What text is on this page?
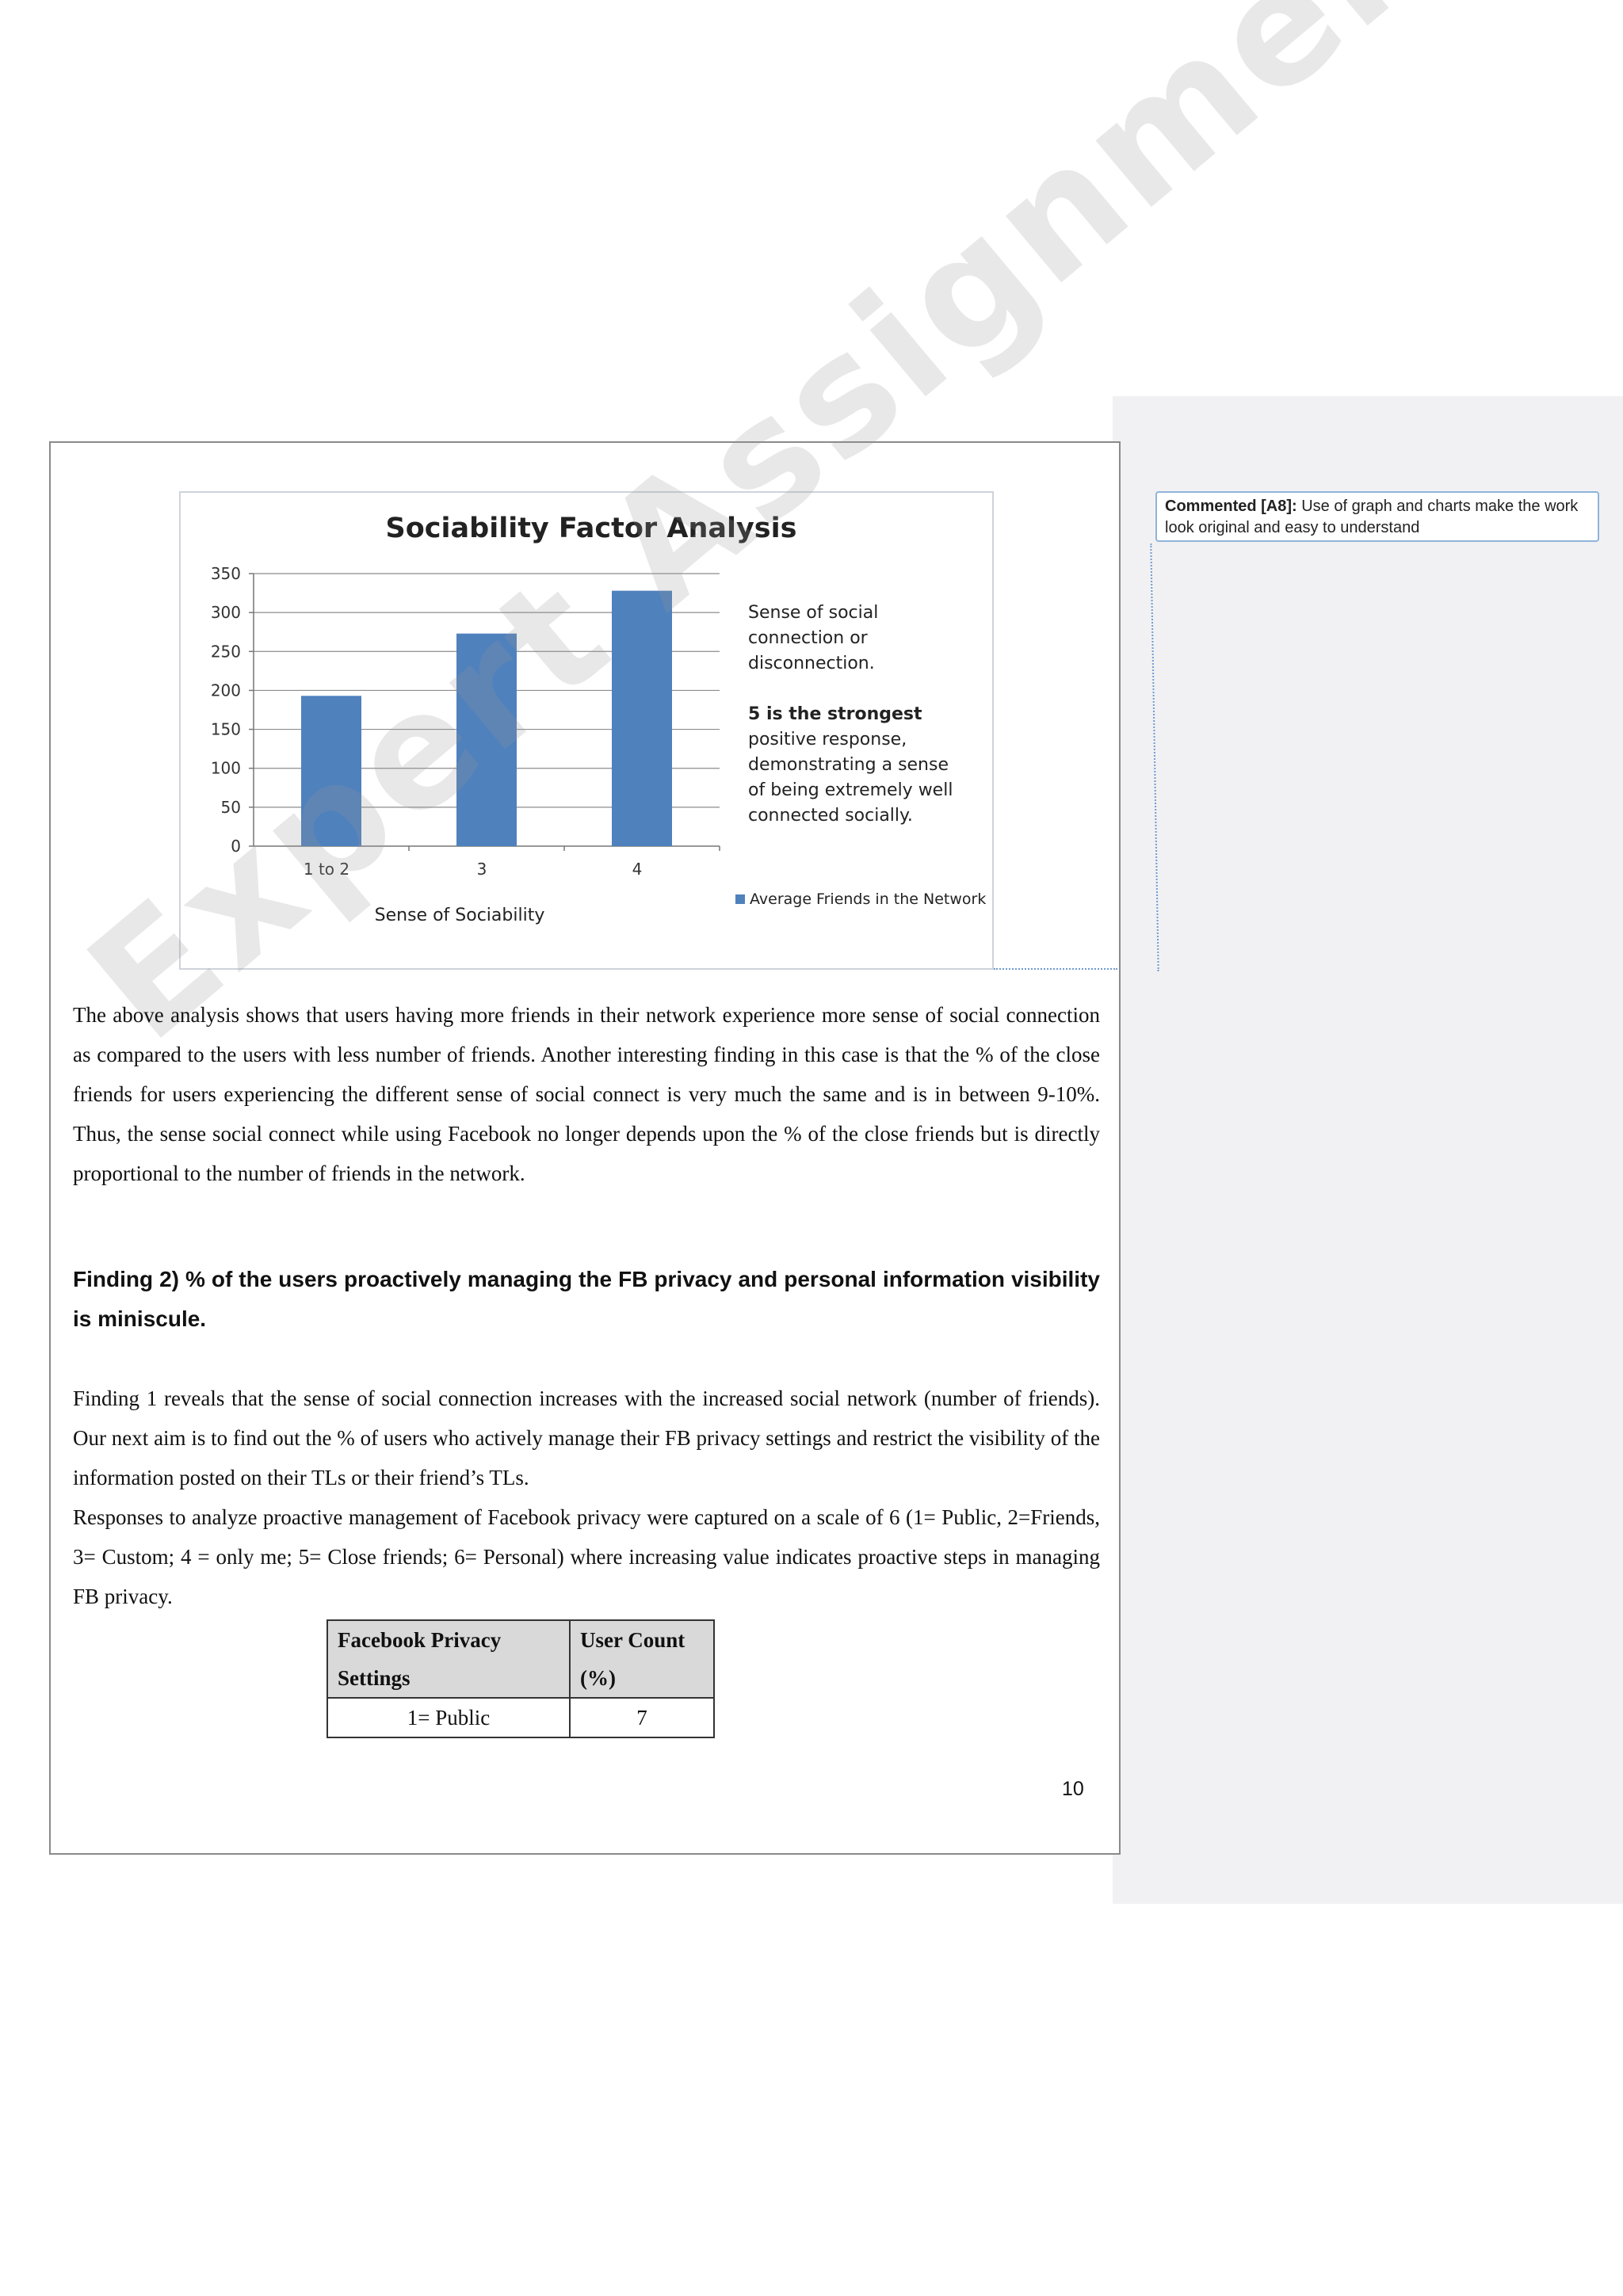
Sociability Factor Analysis
Sense of Sociability
0
50
100
150
200
250
300
350
1 to 2	3	4
Sense of social
connection or
disconnection.
5 is the strongest
positive response,
demonstrating a sense
of being extremely well
connected socially.
Average Friends in the Network
Expert Assignment

The above analysis shows that users having more friends in their network experience more sense of social connection as compared to the users with less number of friends. Another interesting finding in this case is that the % of the close friends for users experiencing the different sense of social connect is very much the same and is in between 9-10%. Thus, the sense social connect while using Facebook no longer depends upon the % of the close friends but is directly proportional to the number of friends in the network.

Finding 2) % of the users proactively managing the FB privacy and personal information visibility is miniscule.

Finding 1 reveals that the sense of social connection increases with the increased social network (number of friends). Our next aim is to find out the % of users who actively manage their FB privacy settings and restrict the visibility of the information posted on their TLs or their friend’s TLs.

Responses to analyze proactive management of Facebook privacy were captured on a scale of 6 (1= Public, 2=Friends, 3= Custom; 4 = only me; 5= Close friends; 6= Personal) where increasing value indicates proactive steps in managing FB privacy.

Facebook Privacy Settings	User Count (%)
1= Public	7
10
Commented [A8]: Use of graph and charts make the work look original and easy to understand
